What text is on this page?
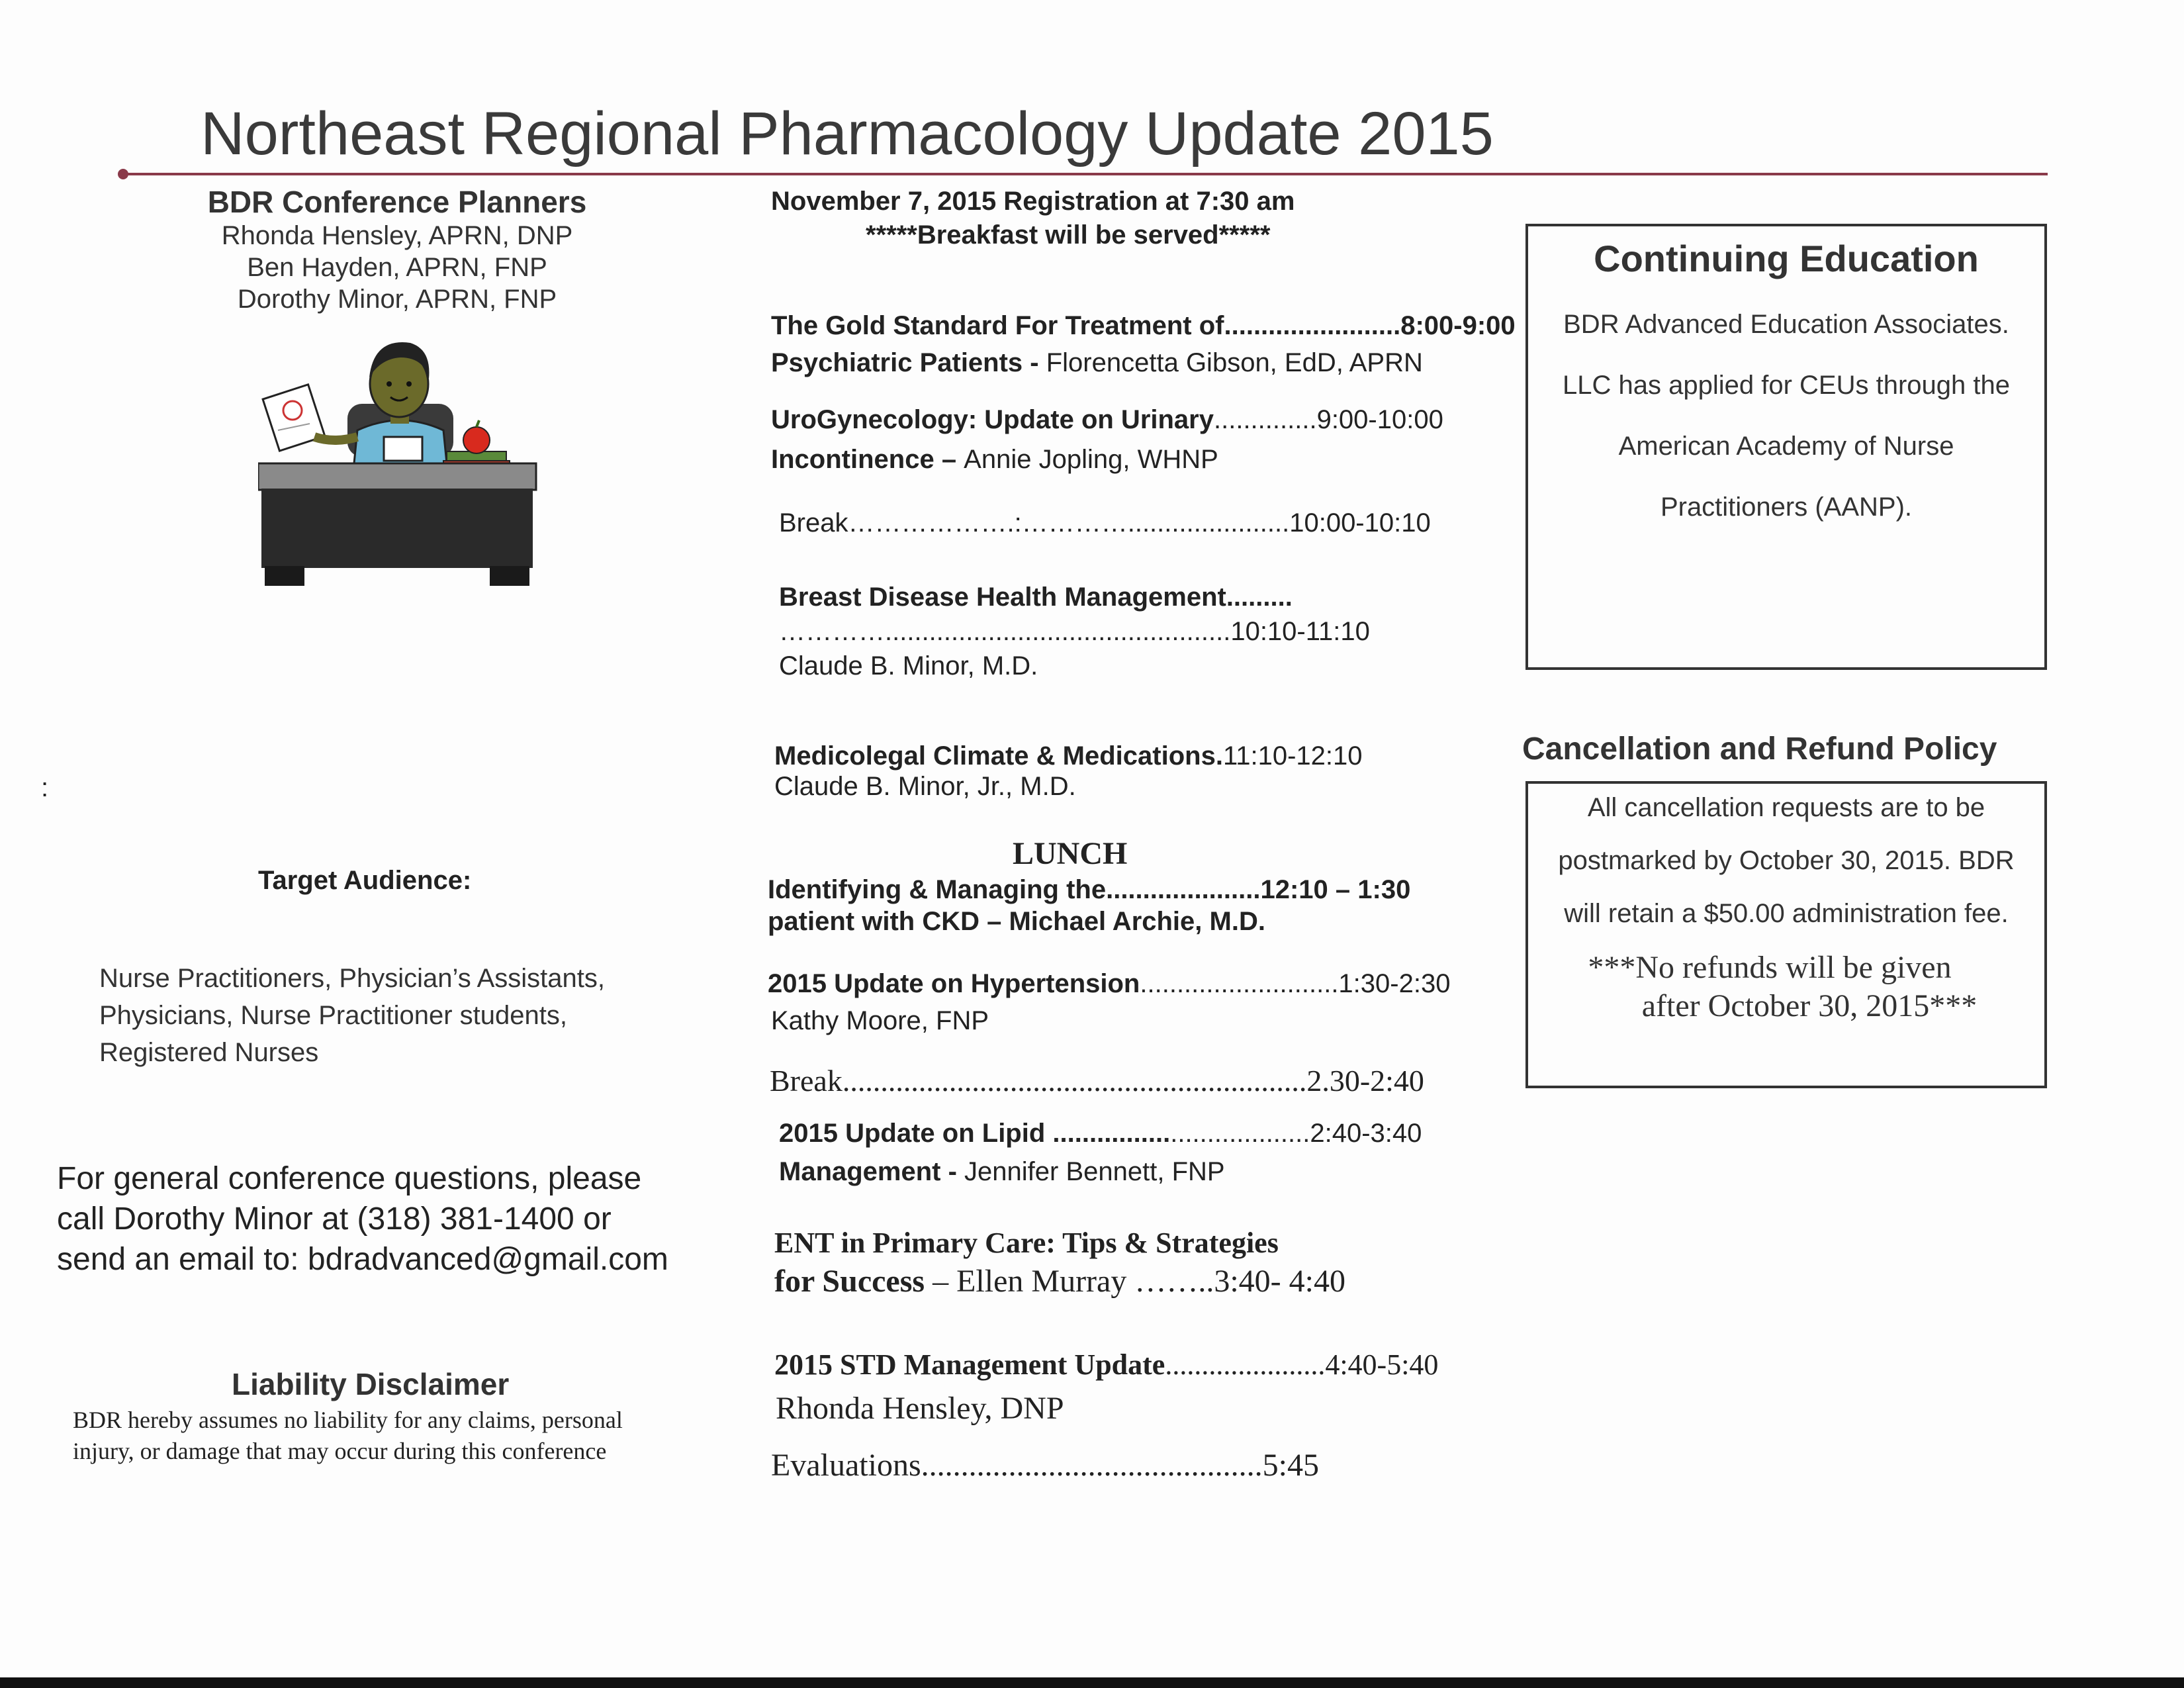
Northeast Regional Pharmacology Update 2015
BDR Conference Planners
Rhonda Hensley, APRN, DNP
Ben Hayden, APRN, FNP
Dorothy Minor, APRN, FNP
:
Target Audience:
Nurse Practitioners, Physician’s Assistants,
Physicians, Nurse Practitioner students,
Registered Nurses
For general conference questions, please
call Dorothy Minor at (318) 381-1400 or
send an email to: bdradvanced@gmail.com
Liability Disclaimer
BDR hereby assumes no liability for any claims, personal injury, or damage that may occur during this conference
November 7, 2015 Registration at 7:30 am
*****Breakfast will be served*****
The Gold Standard For Treatment of........................8:00-9:00
Psychiatric Patients - Florencetta Gibson, EdD, APRN
UroGynecology: Update on Urinary..............9:00-10:00
Incontinence – Annie Jopling, WHNP
Break……………….:…………......................10:00-10:10
Breast Disease Health Management.........
…………...............................................10:10-11:10
Claude B. Minor, M.D.
Medicolegal Climate & Medications.11:10-12:10
Claude B. Minor, Jr., M.D.
LUNCH
Identifying & Managing the.....................12:10 – 1:30
patient with CKD – Michael Archie, M.D.
2015 Update on Hypertension...........................1:30-2:30
Kathy Moore, FNP
Break.............................................................2.30-2:40
2015 Update on Lipid ...................................2:40-3:40
Management - Jennifer Bennett, FNP
ENT in Primary Care: Tips & Strategies
for Success – Ellen Murray ……..3:40- 4:40
2015 STD Management Update......................4:40-5:40
Rhonda Hensley, DNP
Evaluations...........................................5:45
Continuing Education
BDR Advanced Education Associates.
LLC has applied for CEUs through the
American Academy of Nurse
Practitioners (AANP).
Cancellation and Refund Policy
All cancellation requests are to be
postmarked by October 30, 2015. BDR
will retain a $50.00 administration fee.
***No refunds will be given
after October 30, 2015***
